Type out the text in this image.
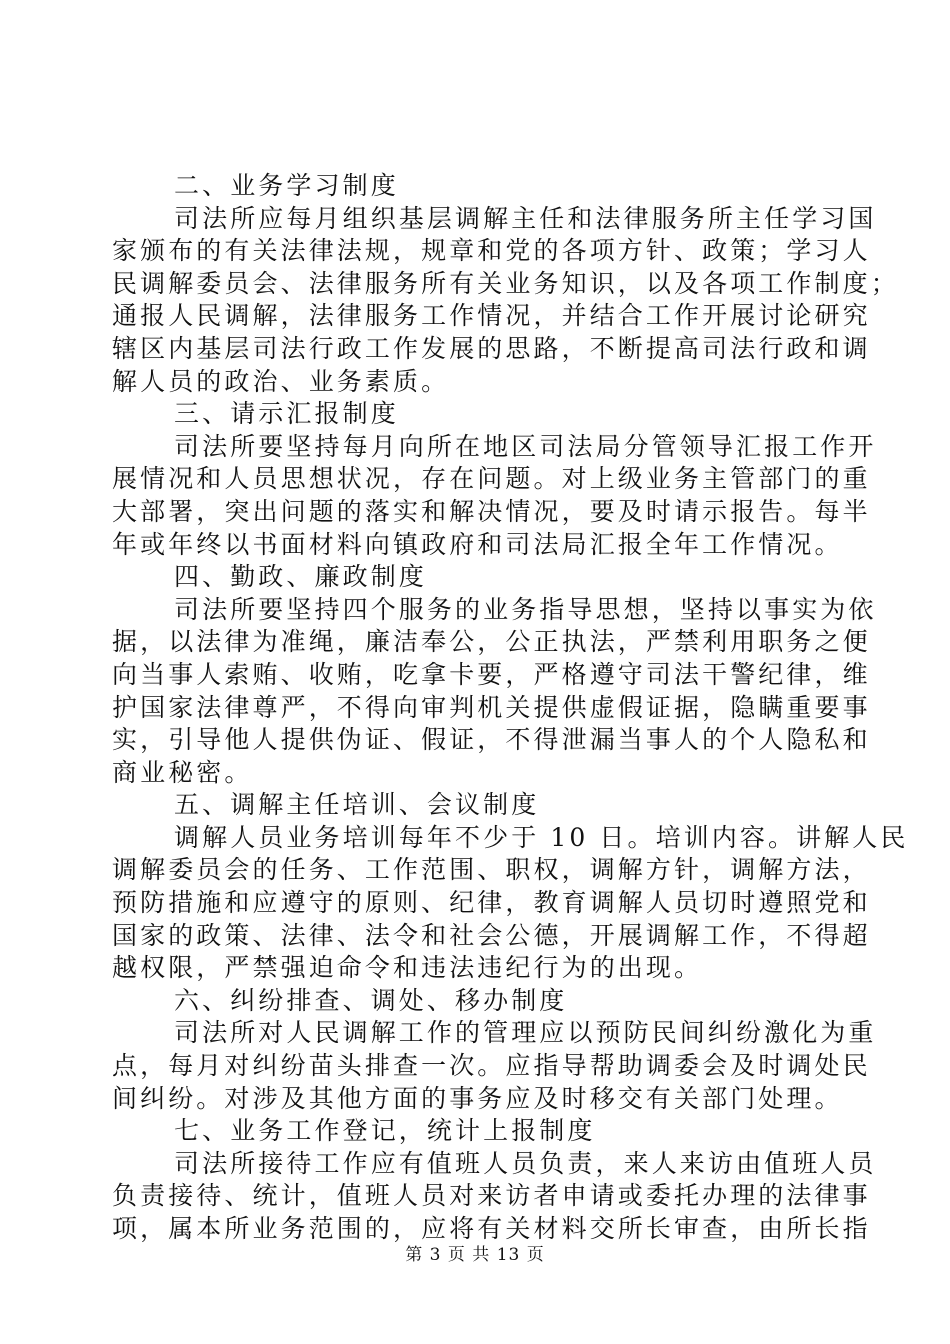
二、业务学习制度
司法所应每月组织基层调解主任和法律服务所主任学习国
家颁布的有关法律法规，规章和党的各项方针、政策；学习人
民调解委员会、法律服务所有关业务知识，以及各项工作制度；
通报人民调解，法律服务工作情况，并结合工作开展讨论研究
辖区内基层司法行政工作发展的思路，不断提高司法行政和调
解人员的政治、业务素质。
三、请示汇报制度
司法所要坚持每月向所在地区司法局分管领导汇报工作开
展情况和人员思想状况，存在问题。对上级业务主管部门的重
大部署，突出问题的落实和解决情况，要及时请示报告。每半
年或年终以书面材料向镇政府和司法局汇报全年工作情况。
四、勤政、廉政制度
司法所要坚持四个服务的业务指导思想，坚持以事实为依
据，以法律为准绳，廉洁奉公，公正执法，严禁利用职务之便
向当事人索贿、收贿，吃拿卡要，严格遵守司法干警纪律，维
护国家法律尊严，不得向审判机关提供虚假证据，隐瞒重要事
实，引导他人提供伪证、假证，不得泄漏当事人的个人隐私和
商业秘密。
五、调解主任培训、会议制度
调解人员业务培训每年不少于 10 日。培训内容。讲解人民
调解委员会的任务、工作范围、职权，调解方针，调解方法，
预防措施和应遵守的原则、纪律，教育调解人员切时遵照党和
国家的政策、法律、法令和社会公德，开展调解工作，不得超
越权限，严禁强迫命令和违法违纪行为的出现。
六、纠纷排查、调处、移办制度
司法所对人民调解工作的管理应以预防民间纠纷激化为重
点，每月对纠纷苗头排查一次。应指导帮助调委会及时调处民
间纠纷。对涉及其他方面的事务应及时移交有关部门处理。
七、业务工作登记，统计上报制度
司法所接待工作应有值班人员负责，来人来访由值班人员
负责接待、统计，值班人员对来访者申请或委托办理的法律事
项，属本所业务范围的，应将有关材料交所长审查，由所长指
第 3 页 共 13 页
